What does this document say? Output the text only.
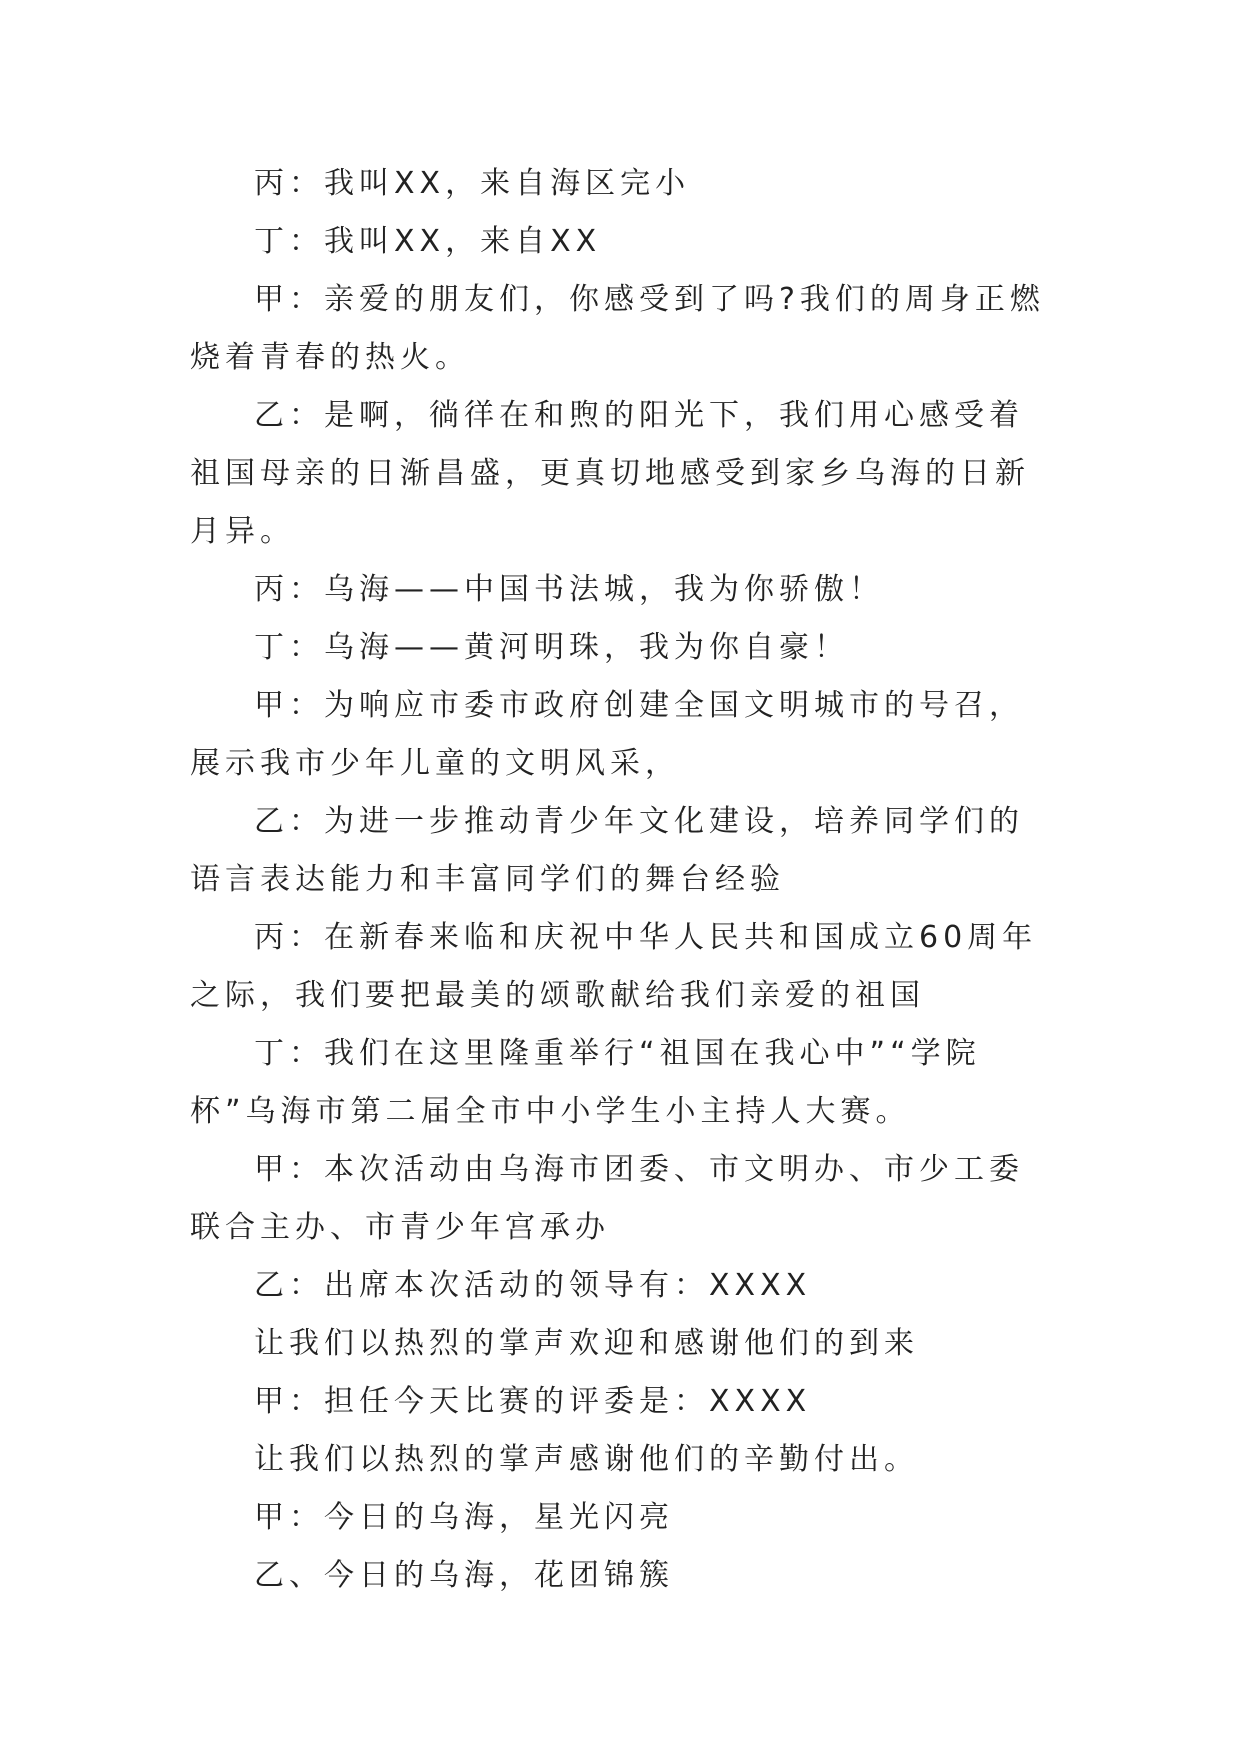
丙：我叫XX，来自海区完小

丁：我叫XX，来自XX

甲：亲爱的朋友们，你感受到了吗?我们的周身正燃烧着青春的热火。

乙：是啊，徜徉在和煦的阳光下，我们用心感受着祖国母亲的日渐昌盛，更真切地感受到家乡乌海的日新月异。

丙：乌海——中国书法城，我为你骄傲！

丁：乌海——黄河明珠，我为你自豪！

甲：为响应市委市政府创建全国文明城市的号召，展示我市少年儿童的文明风采，

乙：为进一步推动青少年文化建设，培养同学们的语言表达能力和丰富同学们的舞台经验

丙：在新春来临和庆祝中华人民共和国成立60周年之际，我们要把最美的颂歌献给我们亲爱的祖国

丁：我们在这里隆重举行“祖国在我心中”“学院杯”乌海市第二届全市中小学生小主持人大赛。

甲：本次活动由乌海市团委、市文明办、市少工委联合主办、市青少年宫承办

乙：出席本次活动的领导有：XXXX

让我们以热烈的掌声欢迎和感谢他们的到来

甲：担任今天比赛的评委是：XXXX

让我们以热烈的掌声感谢他们的辛勤付出。

甲：今日的乌海，星光闪亮

乙、今日的乌海，花团锦簇
